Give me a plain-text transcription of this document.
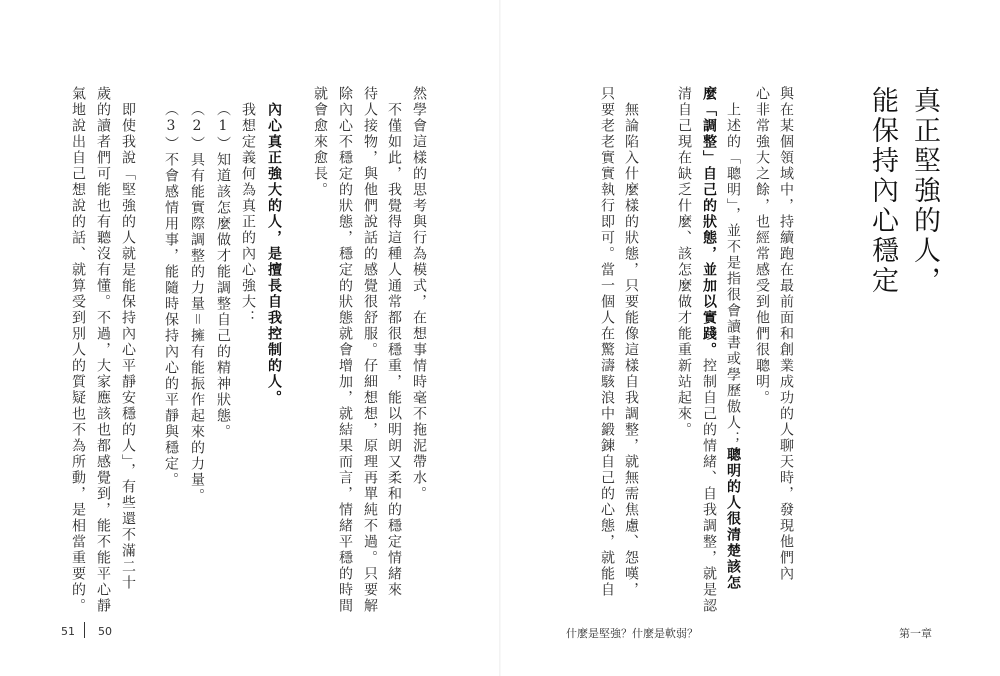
真正堅強的人，
能保持內心穩定
與在某個領域中，持續跑在最前面和創業成功的人聊天時，發現他們內
心非常強大之餘，也經常感受到他們很聰明。
上述的「聰明」，並不是指很會讀書或學歷傲人；聰明的人很清楚該怎
麼「調整」自己的狀態，並加以實踐。控制自己的情緒、自我調整，就是認
清自己現在缺乏什麼、該怎麼做才能重新站起來。
無論陷入什麼樣的狀態，只要能像這樣自我調整，就無需焦慮、怨嘆，
只要老老實實執行即可。當一個人在驚濤駭浪中鍛鍊自己的心態，就能自
然學會這樣的思考與行為模式，在想事情時毫不拖泥帶水。
不僅如此，我覺得這種人通常都很穩重，能以明朗又柔和的穩定情緒來
待人接物，與他們說話的感覺很舒服。仔細想想，原理再單純不過。只要解
除內心不穩定的狀態，穩定的狀態就會增加，就結果而言，情緒平穩的時間
就會愈來愈長。
內心真正強大的人，是擅長自我控制的人。
我想定義何為真正的內心強大：
（1）知道該怎麼做才能調整自己的精神狀態。
（2）具有能實際調整的力量＝擁有能振作起來的力量。
（3）不會感情用事，能隨時保持內心的平靜與穩定。
即使我說「堅強的人就是能保持內心平靜安穩的人」，有些還不滿二十
歲的讀者們可能也有聽沒有懂。不過，大家應該也都感覺到，能不能平心靜
氣地說出自己想說的話、就算受到別人的質疑也不為所動，是相當重要的。
51 50	什麼是堅強？什麼是軟弱？	第一章
